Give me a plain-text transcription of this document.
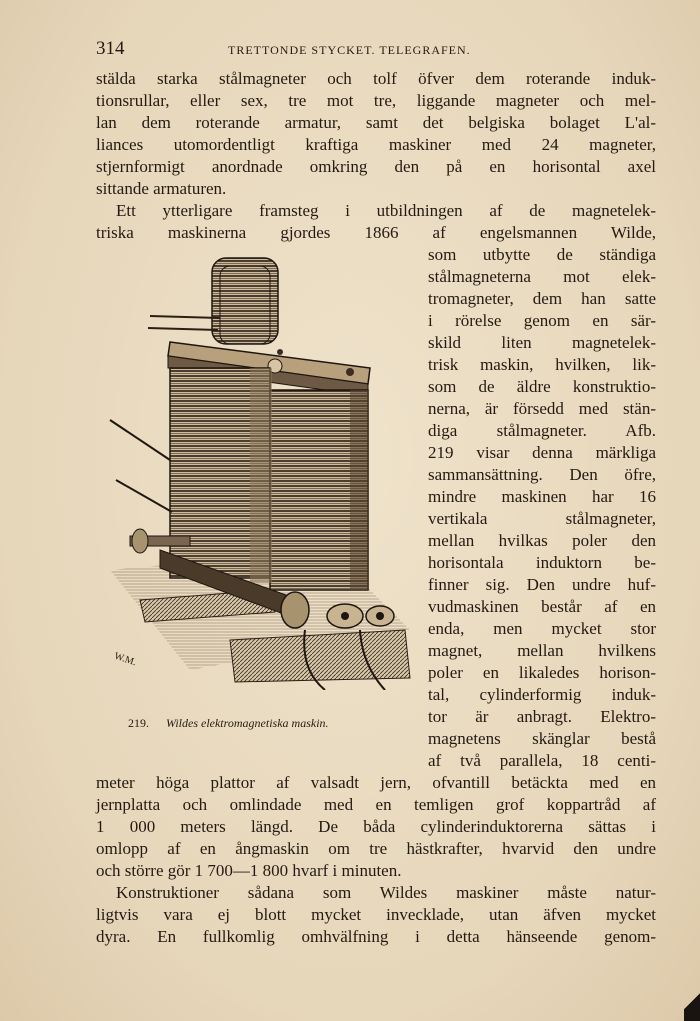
314	TRETTONDE STYCKET. TELEGRAFEN.
stälda starka stålmagneter och tolf öfver dem roterande induk-
tionsrullar, eller sex, tre mot tre, liggande magneter och mel-
lan dem roterande armatur, samt det belgiska bolaget L'al-
liances utomordentligt kraftiga maskiner med 24 magneter,
stjernformigt anordnade omkring den på en horisontal axel
sittande armaturen.
Ett ytterligare framsteg i utbildningen af de magnetelek-
triska maskinerna gjordes 1866 af engelsmannen Wilde,
som utbytte de ständiga
stålmagneterna mot elek-
tromagneter, dem han satte
i rörelse genom en sär-
skild liten magnetelek-
trisk maskin, hvilken, lik-
som de äldre konstruktio-
nerna, är försedd med stän-
diga stålmagneter. Afb.
219 visar denna märkliga
sammansättning. Den öfre,
mindre maskinen har 16
vertikala stålmagneter,
mellan hvilkas poler den
horisontala induktorn be-
finner sig. Den undre huf-
vudmaskinen består af en
enda, men mycket stor
magnet, mellan hvilkens
poler en likaledes horison-
tal, cylinderformig induk-
tor är anbragt. Elektro-
magnetens skänglar bestå
af två parallela, 18 centi-
meter höga plattor af valsadt jern, ofvantill betäckta med en
jernplatta och omlindade med en temligen grof koppartråd af
1 000 meters längd. De båda cylinderinduktorerna sättas i
omlopp af en ångmaskin om tre hästkrafter, hvarvid den undre
och större gör 1 700—1 800 hvarf i minuten.
Konstruktioner sådana som Wildes maskiner måste natur-
ligtvis vara ej blott mycket invecklade, utan äfven mycket
dyra. En fullkomlig omhvälfning i detta hänseende genom-
W.M.
219. Wildes elektromagnetiska maskin.
